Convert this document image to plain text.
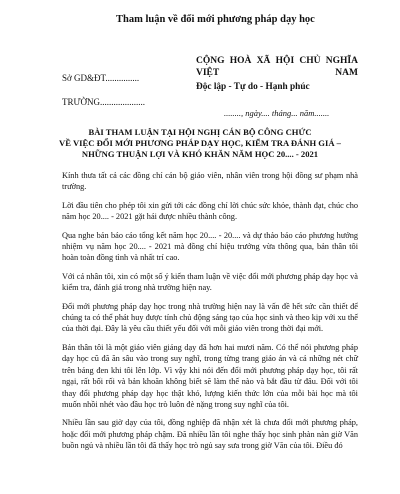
Tham luận về đổi mới phương pháp dạy học
Sở GD&ĐT...............
TRƯỜNG....................
CỘNG HOÀ XÃ HỘI CHỦ NGHĨA
VIỆT	NAM
Độc lập - Tự do - Hạnh phúc
........, ngày.... tháng... năm.......
BÀI THAM LUẬN TẠI HỘI NGHỊ CÁN BỘ CÔNG CHỨC
VỀ VIỆC ĐỔI MỚI PHƯƠNG PHÁP DẠY HỌC, KIỂM TRA ĐÁNH GIÁ –
NHỮNG THUẬN LỢI VÀ KHÓ KHĂN NĂM HỌC 20.... - 2021

Kính thưa tất cả các đồng chí cán bộ giáo viên, nhân viên trong hội đồng sư phạm nhà trường.

Lời đầu tiên cho phép tôi xin gửi tới các đồng chí lời chúc sức khỏe, thành đạt, chúc cho năm học 20.... - 2021 gặt hái được nhiều thành công.

Qua nghe bản báo cáo tổng kết năm học 20.... - 20.... và dự thảo báo cáo phương hướng nhiệm vụ năm học 20.... - 2021 mà đồng chí hiệu trưởng vừa thông qua, bản thân tôi hoàn toàn đồng tình và nhất trí cao.

Với cá nhân tôi, xin có một số ý kiến tham luận về việc đổi mới phương pháp dạy học và kiểm tra, đánh giá trong nhà trường hiện nay.

Đổi mới phương pháp dạy học trong nhà trường hiện nay là vấn đề hết sức cần thiết để chúng ta có thể phát huy được tính chủ động sáng tạo của học sinh và theo kịp với xu thế của thời đại. Đây là yêu cầu thiết yếu đối với mỗi giáo viên trong thời đại mới.

Bản thân tôi là một giáo viên giảng dạy đã hơn hai mươi năm. Có thể nói phương pháp dạy học cũ đã ăn sâu vào trong suy nghĩ, trong từng trang giáo án và cả những nét chữ trên bảng đen khi tôi lên lớp. Vì vậy khi nói đến đổi mới phương pháp dạy học, tôi rất ngại, rất bối rối và bản khoăn không biết sẽ làm thế nào và bắt đầu từ đâu. Đối với tôi thay đổi phương pháp dạy học thật khó, lượng kiến thức lớn của mỗi bài học mà tôi muốn nhồi nhét vào đầu học trò luôn đè nặng trong suy nghĩ của tôi.

Nhiều lần sau giờ dạy của tôi, đồng nghiệp đã nhận xét là chưa đổi mới phương pháp, hoặc đổi mới phương pháp chậm. Đã nhiều lần tôi nghe thấy học sinh phàn nàn giờ Văn buồn ngủ và nhiều lần tôi đã thấy học trò ngủ say sưa trong giờ Văn của tôi. Điều đó
